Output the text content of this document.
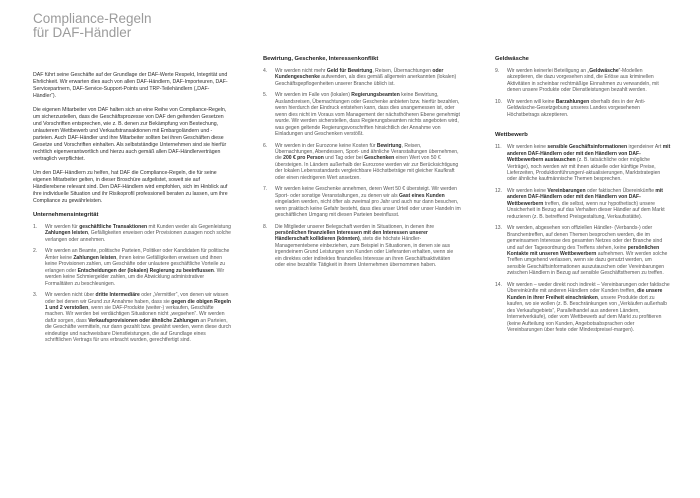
Compliance-Regeln
für DAF-Händler

DAF führt seine Geschäfte auf der Grundlage der DAF-Werte Respekt, Integrität und Ehrlichkeit. Wir erwarten dies auch von allen DAF-Händlern, DAF-Importeuren, DAF-Servicepartnern, DAF-Service-Support-Points und TRP-Teilehändlern („DAF-Händler“).

Die eigenen Mitarbeiter von DAF halten sich an eine Reihe von Compliance-Regeln, um sicherzustellen, dass die Geschäftsprozesse von DAF den geltenden Gesetzen und Vorschriften entsprechen, wie z. B. denen zur Bekämpfung von Bestechung, unlauterem Wettbewerb und Verkaufstransaktionen mit Embargoländern und -parteien. Auch DAF-Händler und ihre Mitarbeiter sollten bei ihren Geschäften diese Gesetze und Vorschriften einhalten. Als selbstständige Unternehmen sind sie hierfür rechtlich eigenverantwortlich und hierzu auch gemäß allen DAF-Händlerverträgen vertraglich verpflichtet.

Um den DAF-Händlern zu helfen, hat DAF die Compliance-Regeln, die für seine eigenen Mitarbeiter gelten, in dieser Broschüre aufgelistet, soweit sie auf Händlerebene relevant sind. Den DAF-Händlern wird empfohlen, sich im Hinblick auf ihre individuelle Situation und ihr Risikoprofil professionell beraten zu lassen, um ihre Compliance zu gewährleisten.

Unternehmensintegrität
1.	Wir werden für geschäftliche Transaktionen mit Kunden weder als Gegenleistung Zahlungen leisten, Gefälligkeiten erweisen oder Provisionen zusagen noch solche verlangen oder annehmen.
2.	Wir werden an Beamte, politische Parteien, Politiker oder Kandidaten für politische Ämter keine Zahlungen leisten, ihnen keine Gefälligkeiten erweisen und ihnen keine Provisionen zahlen, um Geschäfte oder unlautere geschäftliche Vorteile zu erlangen oder Entscheidungen der (lokalen) Regierung zu beeinflussen. Wir werden keine Schmiergelder zahlen, um die Abwicklung administrativer Formalitäten zu beschleunigen.
3.	Wir werden nicht über dritte Intermediäre oder „Vermittler“, von denen wir wissen oder bei denen wir Grund zur Annahme haben, dass sie gegen die obigen Regeln 1 und 2 verstoßen, wenn sie DAF-Produkte (weiter-) verkaufen, Geschäfte machen. Wir werden bei verdächtigen Situationen nicht „wegsehen“. Wir werden dafür sorgen, dass Verkaufsprovisionen oder ähnliche Zahlungen an Parteien, die Geschäfte vermitteln, nur dann gezahlt bzw. gewährt werden, wenn diese durch eindeutige und nachweisbare Dienstleistungen, die auf Grundlage eines schriftlichen Vertrags für uns erbracht wurden, gerechtfertigt sind.
Bewirtung, Geschenke, Interessenkonflikt
4.	Wir werden nicht mehr Geld für Bewirtung, Reisen, Übernachtungen oder Kundengeschenke aufwenden, als dies gemäß allgemein anerkannten (lokalen) Geschäftsgepflogenheiten unserer Branche üblich ist.
5.	Wir werden im Falle von (lokalen) Regierungsbeamten keine Bewirtung, Auslandsreisen, Übernachtungen oder Geschenke anbieten bzw. hierfür bezahlen, wenn hierdurch der Eindruck entstehen kann, dass dies unangemessen ist, oder wenn dies nicht im Voraus vom Management der nächsthöheren Ebene genehmigt wurde. Wir werden sicherstellen, dass Regierungsbeamten nichts angeboten wird, was gegen geltende Regierungsvorschriften hinsichtlich der Annahme von Einladungen und Geschenken verstößt.
6.	Wir werden in der Eurozone keine Kosten für Bewirtung, Reisen, Übernachtungen, Abendessen, Sport- und ähnliche Veranstaltungen übernehmen, die 200 € pro Person und Tag oder bei Geschenken einen Wert von 50 € übersteigen. In Ländern außerhalb der Eurozone werden wir zur Berücksichtigung der lokalen Lebensstandards vergleichbare Höchstbeträge mit gleicher Kaufkraft oder einen niedrigeren Wert ansetzen.
7.	Wir werden keine Geschenke annehmen, deren Wert 50 € übersteigt. Wir werden Sport- oder sonstige Veranstaltungen, zu denen wir als Gast eines Kunden eingeladen werden, nicht öfter als zweimal pro Jahr und auch nur dann besuchen, wenn praktisch keine Gefahr besteht, dass dies unser Urteil oder unser Handeln im geschäftlichen Umgang mit diesen Parteien beeinflusst.
8.	Die Mitglieder unserer Belegschaft werden in Situationen, in denen ihre persönlichen finanziellen Interessen mit den Interessen unserer Händlerschaft kollidieren (könnten), stets die höchste Händler-Managementebene einbeziehen, zum Beispiel in Situationen, in denen sie aus irgendeinem Grund Leistungen von Kunden oder Lieferanten erhalten, wenn sie ein direktes oder indirektes finanzielles Interesse an ihren Geschäftsaktivitäten oder eine bezahlte Tätigkeit in ihrem Unternehmen übernommen haben.
Geldwäsche
9.	Wir werden keinerlei Beteiligung an „Geldwäsche“-Modellen akzeptieren, die dazu vorgesehen sind, die Erlöse aus kriminellen Aktivitäten in scheinbar rechtmäßige Einnahmen zu verwandeln, mit denen unsere Produkte oder Dienstleistungen bezahlt werden.
10. Wir werden will keine Barzahlungen oberhalb des in der Anti-Geldwäsche-Gesetzgebung unseres Landes vorgesehenen Höchstbetrags akzeptieren.
Wettbewerb
11.	Wir werden keine sensible Geschäftsinformationen irgendeiner Art mit anderen DAF-Händlern oder mit den Händlern von DAF-Wettbewerbern austauschen (z. B. tatsächliche oder mögliche Verträge), noch werden wir mit ihnen aktuelle oder künftige Preise, Lieferzeiten, Produktionführungen/-aktualisierungen, Marktstrategien oder ähnliche kaufmännische Themen besprechen.
12. Wir werden keine Vereinbarungen oder faktischen Übereinkünfte mit anderen DAF-Händlern oder mit den Händlern von DAF-Wettbewerbern treffen, die selbst, wenn nur hypothetisch) unsere Unsicherheit in Bezug auf das Verhalten dieser Händler auf dem Markt reduzieren (z. B. betreffend Preisgestaltung, Verkaufsstätte).
13. Wir werden, abgesehen von offiziellen Händler- (Verbands-) oder Branchentreffen, auf denen Themen besprochen werden, die im gemeinsamen Interesse des gesamten Netzes oder der Branche sind und auf der Tagesordnung des Treffens stehen, keine persönlichen Kontakte mit unseren Wettbewerbern aufnehmen. Wir werden solche Treffen umgehend verlassen, wenn sie dazu genutzt werden, um sensible Geschäftsinformationen auszutauschen oder Vereinbarungen zwischen Händlern in Bezug auf sensible Geschäftsthemen zu treffen.
14. Wir werden – weder direkt noch indirekt – Vereinbarungen oder faktische Übereinkünfte mit anderen Händlern oder Kunden treffen, die unsere Kunden in ihrer Freiheit einschränken, unsere Produkte dort zu kaufen, wo sie wollen (z. B. Beschränkungen von „Verkäufen außerhalb des Verkaufsgebiets“, Parallelhandel aus anderen Ländern, Internetverkäufe), oder vom Wettbewerb auf dem Markt zu profitieren (keine Aufteilung von Kunden, Angebotsabsprachen oder Vereinbarungen über feste oder Mindestpreise/-margen).
